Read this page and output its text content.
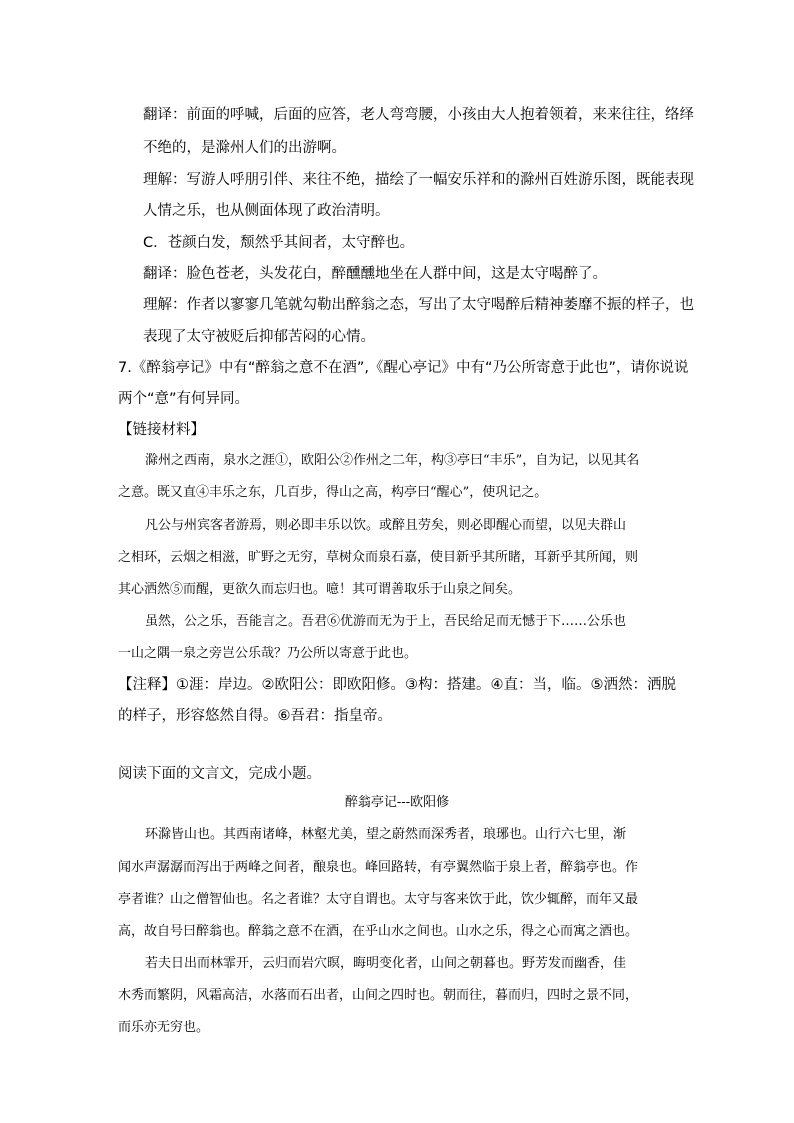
翻译：前面的呼喊，后面的应答，老人弯弯腰，小孩由大人抱着领着，来来往往，络绎
不绝的，是滁州人们的出游啊。
理解：写游人呼朋引伴、来往不绝，描绘了一幅安乐祥和的滁州百姓游乐图，既能表现
人情之乐，也从侧面体现了政治清明。
C．苍颜白发，颓然乎其间者，太守醉也。
翻译：脸色苍老，头发花白，醉醺醺地坐在人群中间，这是太守喝醉了。
理解：作者以寥寥几笔就勾勒出醉翁之态，写出了太守喝醉后精神萎靡不振的样子，也
表现了太守被贬后抑郁苦闷的心情。
7.《醉翁亭记》中有“醉翁之意不在酒”,《醒心亭记》中有“乃公所寄意于此也”，请你说说
两个“意”有何异同。
【链接材料】
滁州之西南，泉水之涯①，欧阳公②作州之二年，构③亭曰“丰乐”，自为记，以见其名
之意。既又直④丰乐之东，几百步，得山之高，构亭曰“醒心”，使巩记之。
凡公与州宾客者游焉，则必即丰乐以饮。或醉且劳矣，则必即醒心而望，以见夫群山
之相环，云烟之相滋，旷野之无穷，草树众而泉石嘉，使目新乎其所睹，耳新乎其所闻，则
其心洒然⑤而醒，更欲久而忘归也。噫！其可谓善取乐于山泉之间矣。
虽然，公之乐，吾能言之。吾君⑥优游而无为于上，吾民给足而无憾于下……公乐也
一山之隅一泉之旁岂公乐哉？乃公所以寄意于此也。
【注释】①涯：岸边。②欧阳公：即欧阳修。③构：搭建。④直：当，临。⑤洒然：洒脱
的样子，形容悠然自得。⑥吾君：指皇帝。
阅读下面的文言文，完成小题。
醉翁亭记---欧阳修
环滁皆山也。其西南诸峰，林壑尤美，望之蔚然而深秀者，琅琊也。山行六七里，渐
闻水声潺潺而泻出于两峰之间者，酿泉也。峰回路转，有亭翼然临于泉上者，醉翁亭也。作
亭者谁？山之僧智仙也。名之者谁？太守自谓也。太守与客来饮于此，饮少辄醉，而年又最
高，故自号曰醉翁也。醉翁之意不在酒，在乎山水之间也。山水之乐，得之心而寓之酒也。
若夫日出而林霏开，云归而岩穴暝，晦明变化者，山间之朝暮也。野芳发而幽香，佳
木秀而繁阴，风霜高洁，水落而石出者，山间之四时也。朝而往，暮而归，四时之景不同，
而乐亦无穷也。
